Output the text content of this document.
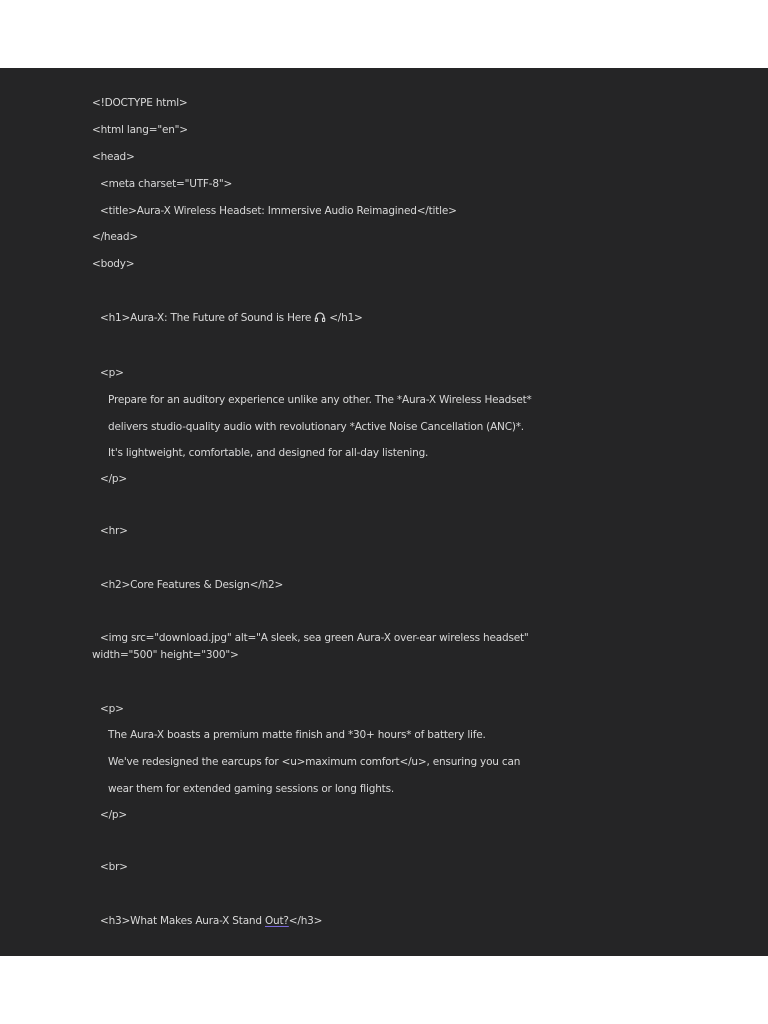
<!DOCTYPE html>
<html lang="en">
<head>
<meta charset="UTF-8">
<title>Aura-X Wireless Headset: Immersive Audio Reimagined</title>
</head>
<body>
<h1>Aura-X: The Future of Sound is Here </h1>
<p>
Prepare for an auditory experience unlike any other. The *Aura-X Wireless Headset*
delivers studio-quality audio with revolutionary *Active Noise Cancellation (ANC)*.
It's lightweight, comfortable, and designed for all-day listening.
</p>
<hr>
<h2>Core Features & Design</h2>
<img src="download.jpg" alt="A sleek, sea green Aura-X over-ear wireless headset"
width="500" height="300">
<p>
The Aura-X boasts a premium matte finish and *30+ hours* of battery life.
We've redesigned the earcups for <u>maximum comfort</u>, ensuring you can
wear them for extended gaming sessions or long flights.
</p>
<br>
<h3>What Makes Aura-X Stand Out?</h3>
